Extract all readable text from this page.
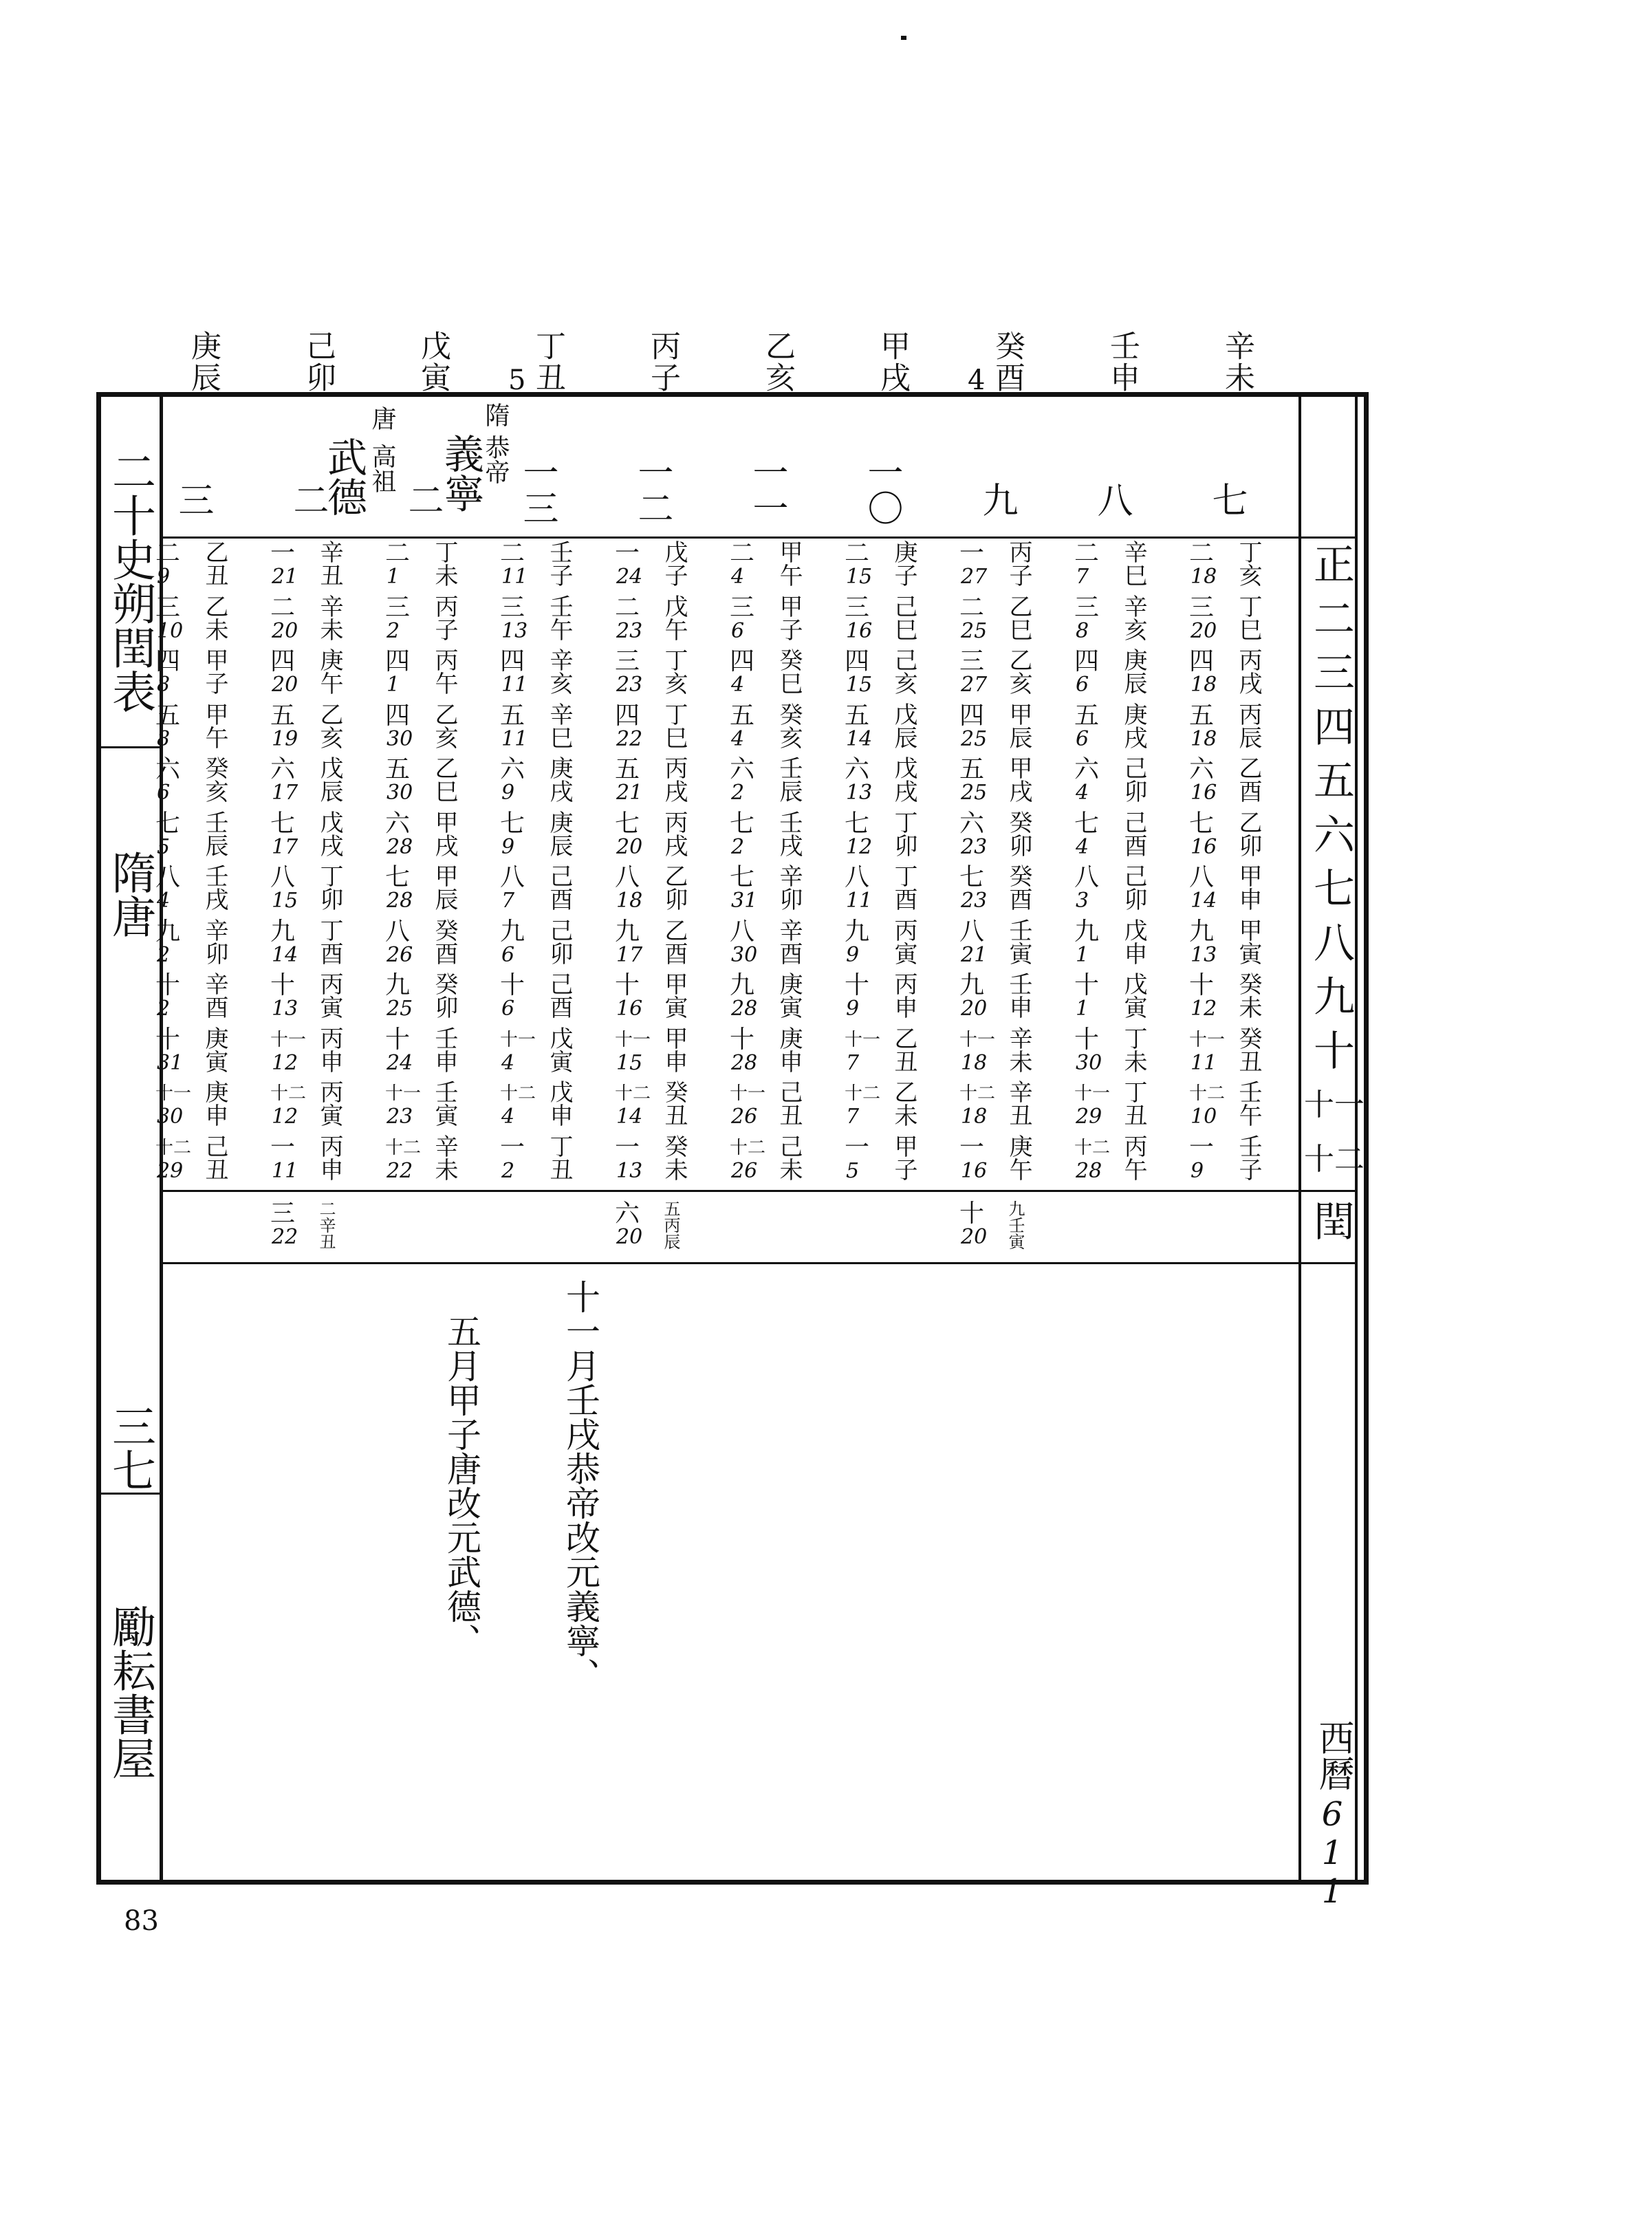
辛未
壬申
癸酉
4
甲戌
乙亥
丙子
丁丑
5
戊寅
己卯
庚辰
正
二
三
四
五
六
七
八
九
十
十一
十二
閏
隋
恭帝
義寧
唐
高祖
武德	七
八
九
一〇
一一
一二
一三
二
二
三
二
18 丁亥
二
7 辛巳
一
27 丙子
二
15 庚子
二
4 甲午
一
24 戊子
二
11 壬子
二
1 丁未
一
21 辛丑
二
9 乙丑
三
20 丁巳
三
8 辛亥
二
25 乙巳
三
16 己巳
三
6 甲子
二
23 戊午
三
13 壬午
三
2 丙子
二
20 辛未
三
10 乙未
四
18 丙戌
四
6 庚辰
三
27 乙亥
四
15 己亥
四
4 癸巳
三
23 丁亥
四
11 辛亥
四
1 丙午
四
20 庚午
四
8 甲子
五
18 丙辰
五
6 庚戌
四
25 甲辰
五
14 戊辰
五
4 癸亥
四
22 丁巳
五
11 辛巳
四
30 乙亥
五
19 乙亥
五
8 甲午
六
16 乙酉
六
4 己卯
五
25 甲戌
六
13 戊戌
六
2 壬辰
五
21 丙戌
六
9 庚戌
五
30 乙巳
六
17 戊辰
六
6 癸亥
七
16 乙卯
七
4 己酉
六
23 癸卯
七
12 丁卯
七
2 壬戌
七
20 丙戌
七
9 庚辰
六
28 甲戌
七
17 戊戌
七
5 壬辰
八
14 甲申
八
3 己卯
七
23 癸酉
八
11 丁酉
七
31 辛卯
八
18 乙卯
八
7 己酉
七
28 甲辰
八
15 丁卯
八
4 壬戌
九
13 甲寅
九
1 戊申
八
21 壬寅
九
9 丙寅
八
30 辛酉
九
17 乙酉
九
6 己卯
八
26 癸酉
九
14 丁酉
九
2 辛卯
十
12 癸未
十
1 戊寅
九
20 壬申
十
9 丙申
九
28 庚寅
十
16 甲寅
十
6 己酉
九
25 癸卯
十
13 丙寅
十
2 辛酉
十一
11 癸丑
十
30 丁未
十一
18 辛未
十一
7 乙丑
十
28 庚申
十一
15 甲申
十一
4 戊寅
十
24 壬申
十一
12 丙申
十
31 庚寅
十二
10 壬午
十一
29 丁丑
十二
18 辛丑
十二
7 乙未
十一
26 己丑
十二
14 癸丑
十二
4 戊申
十一
23 壬寅
十二
12 丙寅
十一
30 庚申
一
9 壬子
十二
28 丙午
一
16 庚午
一
5 甲子
十二
26 己未
一
13 癸未
一
2 丁丑
十二
22 辛未
一
11 丙申
十二
29 己丑
十
20 九壬寅
六
20 五丙辰
三
22 二辛丑
十一月壬戌恭帝改元義寧、
五月甲子唐改元武德、
二十史朔閏表
隋唐
三七
勵耘書屋	西曆
611
83
